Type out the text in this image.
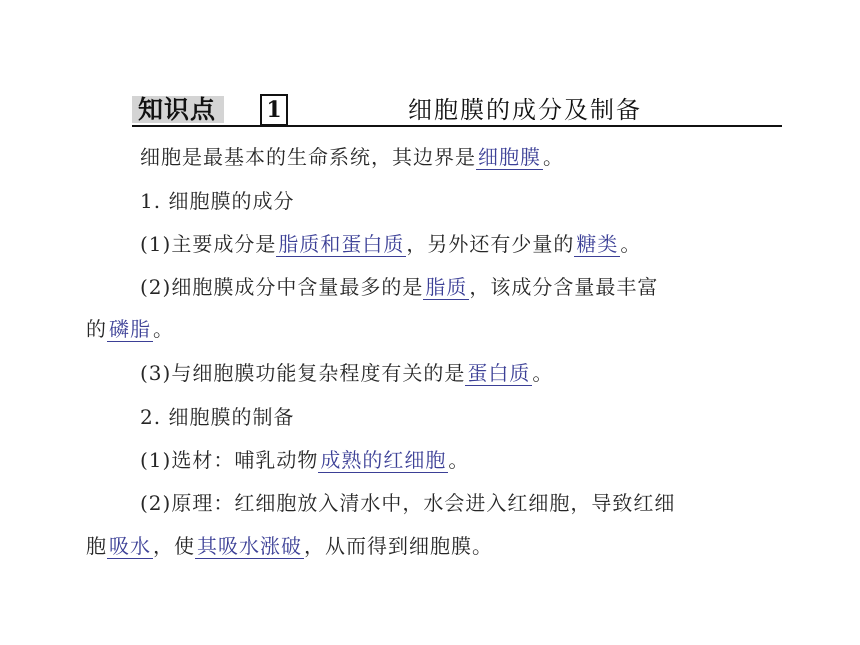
知识点	1	细胞膜的成分及制备
细胞是最基本的生命系统，其边界是 细胞膜 。
1. 细胞膜的成分
(1)主要成分是 脂质和蛋白质 ，另外还有少量的 糖类 。
(2)细胞膜成分中含量最多的是 脂质 ，该成分含量最丰富
的 磷脂 。
(3)与细胞膜功能复杂程度有关的是 蛋白质 。
2. 细胞膜的制备
(1)选材：哺乳动物 成熟的红细胞 。
(2)原理：红细胞放入清水中，水会进入红细胞，导致红细
胞 吸水 ，使 其吸水涨破 ，从而得到细胞膜。
